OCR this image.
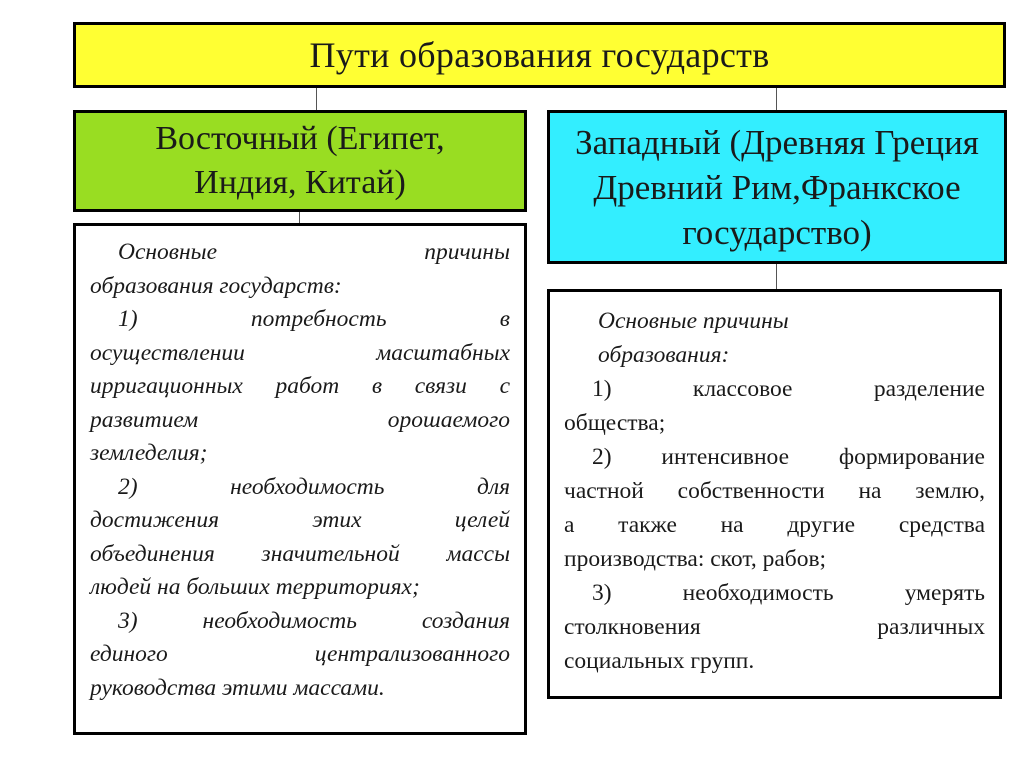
Пути образования государств
Восточный (Египет,
Индия, Китай)
Западный (Древняя Греция
Древний Рим,Франкское
государство)

Основные причины

образования государств:

1) потребность в

осуществлении масштабных

ирригационных работ в связи с

развитием орошаемого

земледелия;

2) необходимость для

достижения этих целей

объединения значительной массы

людей на больших территориях;

3) необходимость создания

единого централизованного

руководства этими массами.

Основные причины

образования:

1) классовое разделение

общества;

2) интенсивное формирование

частной собственности на землю,

а также на другие средства

производства: скот, рабов;

3) необходимость умерять

столкновения различных

социальных групп.
